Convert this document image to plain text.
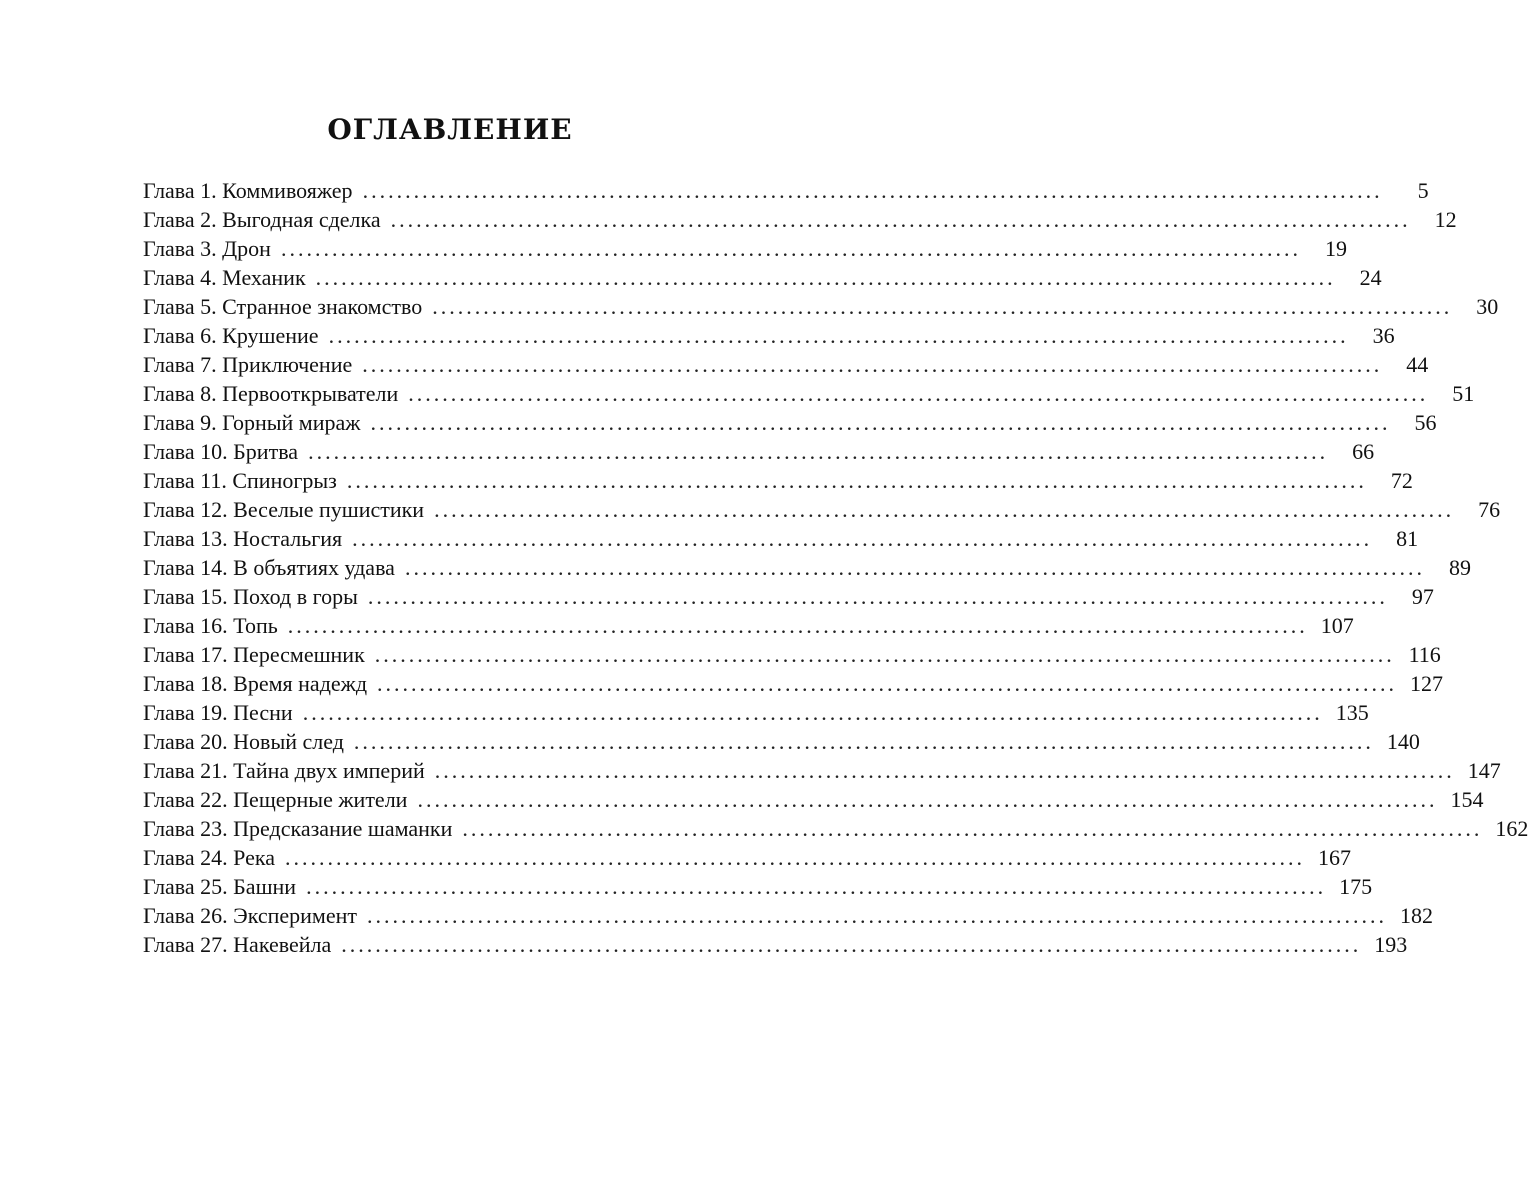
ОГЛАВЛЕНИЕ
Глава 1. Коммивояжер ........................................................................................................................	5
Глава 2. Выгодная сделка ........................................................................................................................	12
Глава 3. Дрон ........................................................................................................................	19
Глава 4. Механик ........................................................................................................................	24
Глава 5. Странное знакомство ........................................................................................................................	30
Глава 6. Крушение ........................................................................................................................	36
Глава 7. Приключение ........................................................................................................................	44
Глава 8. Первооткрыватели ........................................................................................................................	51
Глава 9. Горный мираж ........................................................................................................................	56
Глава 10. Бритва ........................................................................................................................	66
Глава 11. Спиногрыз ........................................................................................................................	72
Глава 12. Веселые пушистики ........................................................................................................................	76
Глава 13. Ностальгия ........................................................................................................................	81
Глава 14. В объятиях удава ........................................................................................................................	89
Глава 15. Поход в горы ........................................................................................................................	97
Глава 16. Топь ........................................................................................................................ 107
Глава 17. Пересмешник ........................................................................................................................ 116
Глава 18. Время надежд ........................................................................................................................ 127
Глава 19. Песни ........................................................................................................................ 135
Глава 20. Новый след ........................................................................................................................ 140
Глава 21. Тайна двух империй ........................................................................................................................ 147
Глава 22. Пещерные жители ........................................................................................................................ 154
Глава 23. Предсказание шаманки ........................................................................................................................ 162
Глава 24. Река ........................................................................................................................ 167
Глава 25. Башни ........................................................................................................................ 175
Глава 26. Эксперимент ........................................................................................................................ 182
Глава 27. Накевейла ........................................................................................................................ 193
